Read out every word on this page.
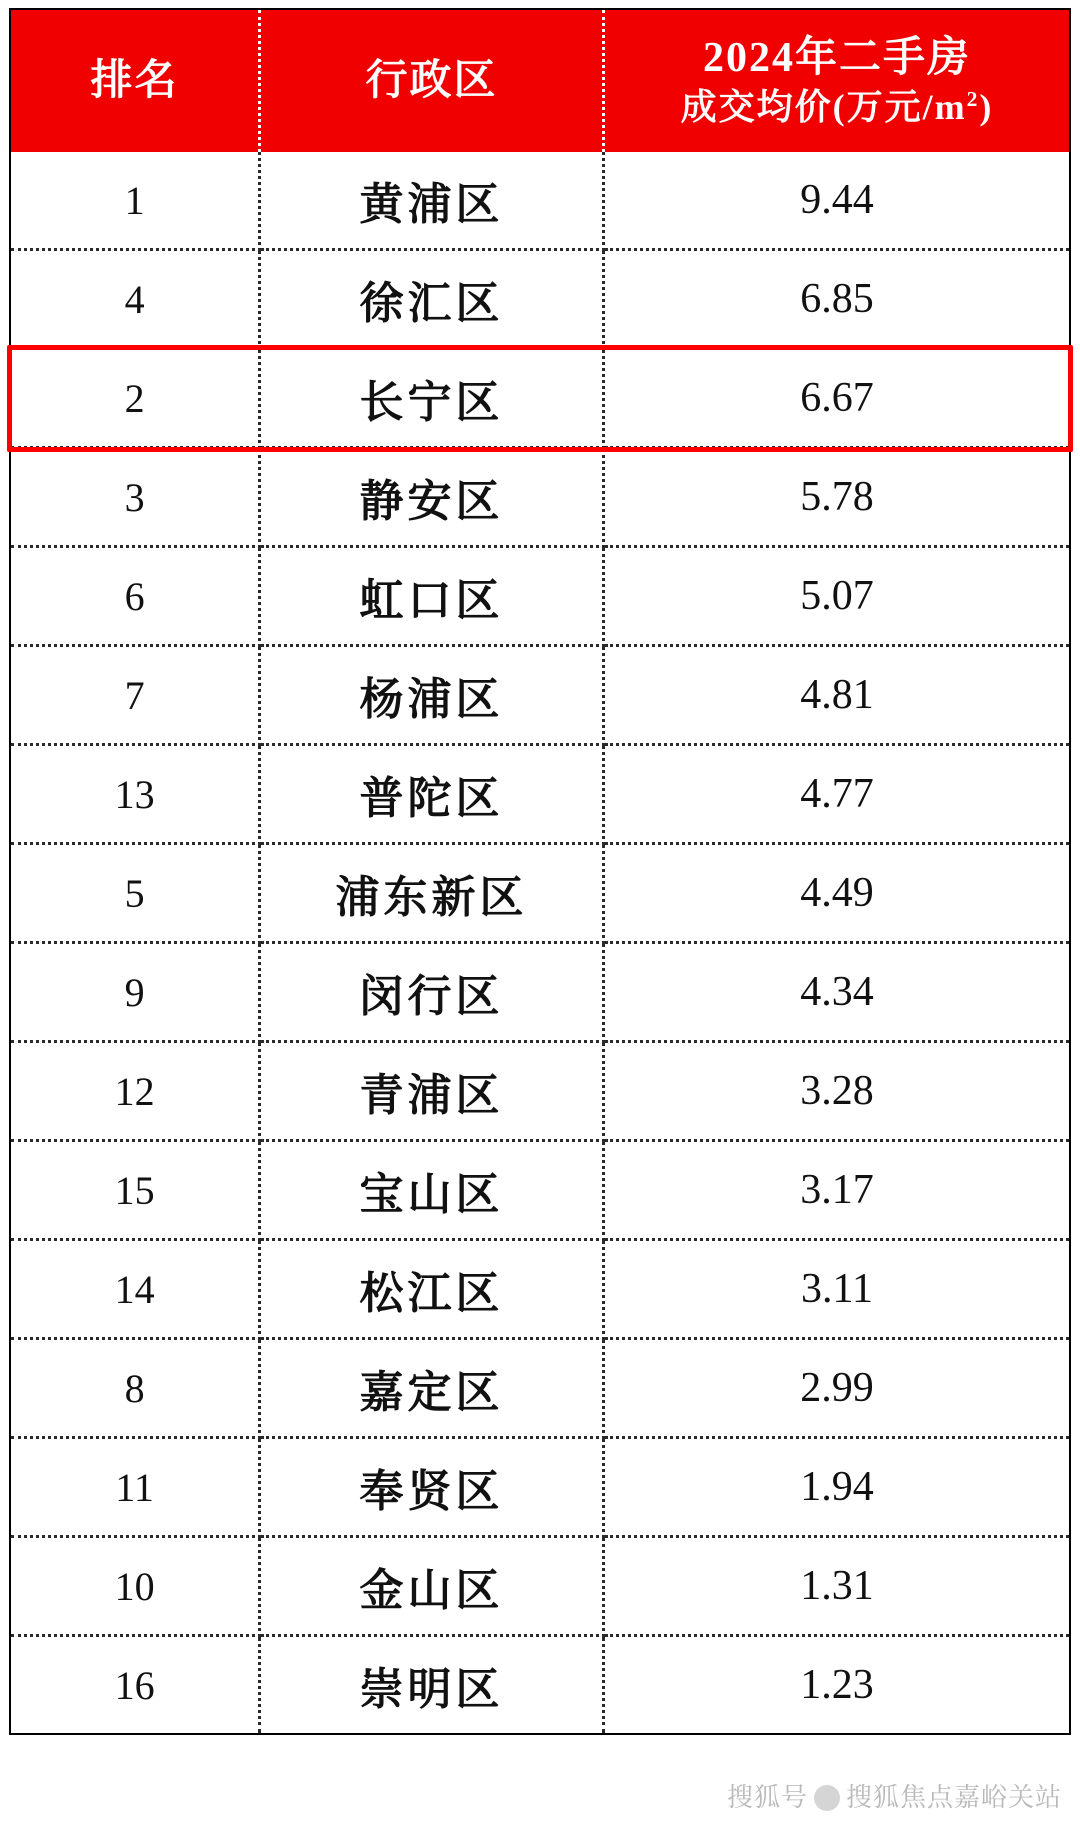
排名	行政区	2024年二手房
成交均价(万元$/m^2$)

1	黄浦区	9.44
4	徐汇区	6.85
2	长宁区	6.67
3	静安区	5.78
6	虹口区	5.07
7	杨浦区	4.81
13	普陀区	4.77
5	浦东新区	4.49
9	闵行区	4.34
12	青浦区	3.28
15	宝山区	3.17
14	松江区	3.11
8	嘉定区	2.99
11	奉贤区	1.94
10	金山区	1.31
16	崇明区	1.23
搜狐号 搜狐焦点嘉峪关站
